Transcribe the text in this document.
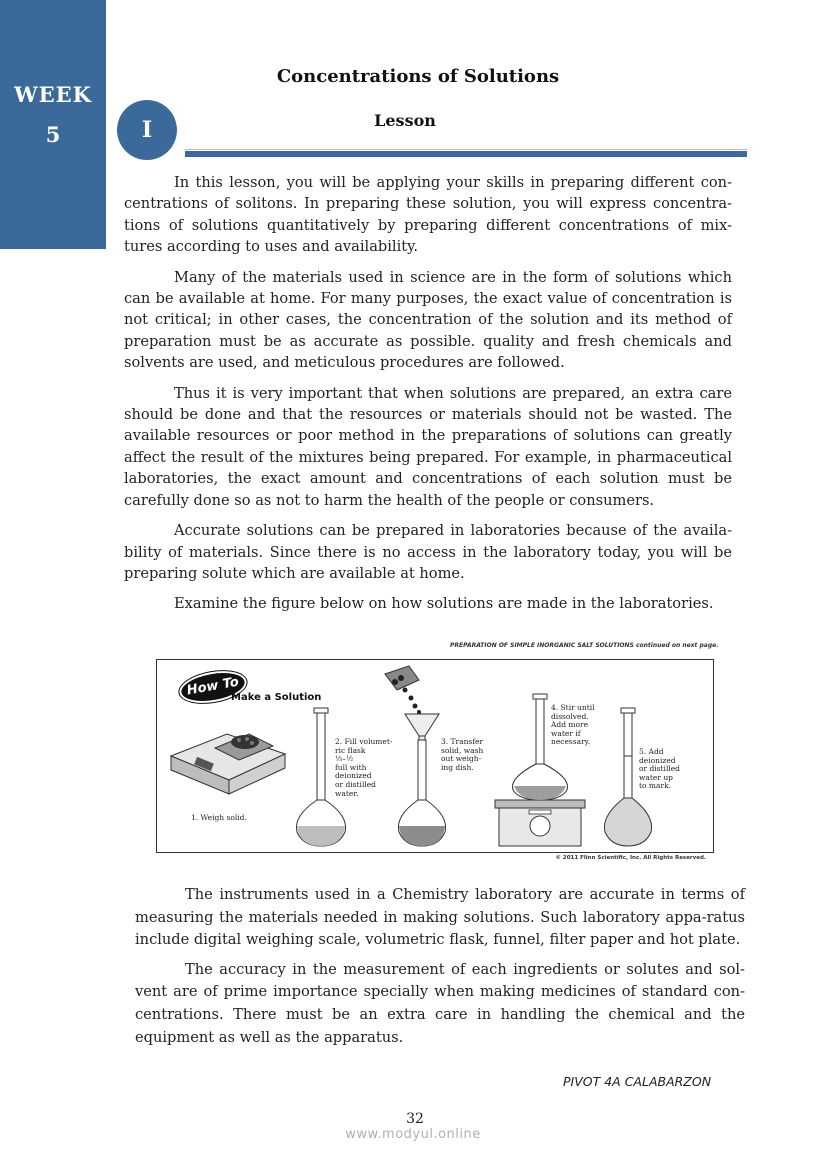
WEEK
5	I
Concentrations of Solutions
Lesson

In this lesson, you will be applying your skills in preparing different con-centrations of solitons. In preparing these solution, you will express concentra-tions of solutions quantitatively by preparing different concentrations of mix-tures according to uses and availability.

Many of the materials used in science are in the form of solutions which can be available at home. For many purposes, the exact value of concentration is not critical; in other cases, the concentration of the solution and its method of preparation must be as accurate as possible. quality and fresh chemicals and solvents are used, and meticulous procedures are followed.

Thus it is very important that when solutions are prepared, an extra care should be done and that the resources or materials should not be wasted. The available resources or poor method in the preparations of solutions can greatly affect the result of the mixtures being prepared. For example, in pharmaceutical laboratories, the exact amount and concentrations of each solution must be carefully done so as not to harm the health of the people or consumers.

Accurate solutions can be prepared in laboratories because of the availa-bility of materials. Since there is no access in the laboratory today, you will be preparing solute which are available at home.

Examine the figure below on how solutions are made in the laboratories.

PREPARATION OF SIMPLE INORGANIC SALT SOLUTIONS continued on next page.
How To
Make a Solution
1. Weigh solid.
2. Fill volumet-
ric flask
⅓–½
full with
deionized
or distilled
water.
3. Transfer
solid, wash
out weigh-
ing dish.
4. Stir until
dissolved.
Add more
water if
necessary.
5. Add
deionized
or distilled
water up
to mark.
© 2011 Flinn Scientific, Inc. All Rights Reserved.

The instruments used in a Chemistry laboratory are accurate in terms of measuring the materials needed in making solutions. Such laboratory appa-ratus include digital weighing scale, volumetric flask, funnel, filter paper and hot plate.

The accuracy in the measurement of each ingredients or solutes and sol-vent are of prime importance specially when making medicines of standard con-centrations. There must be an extra care in handling the chemical and the equipment as well as the apparatus.

PIVOT 4A CALABARZON
32
www.modyul.online
